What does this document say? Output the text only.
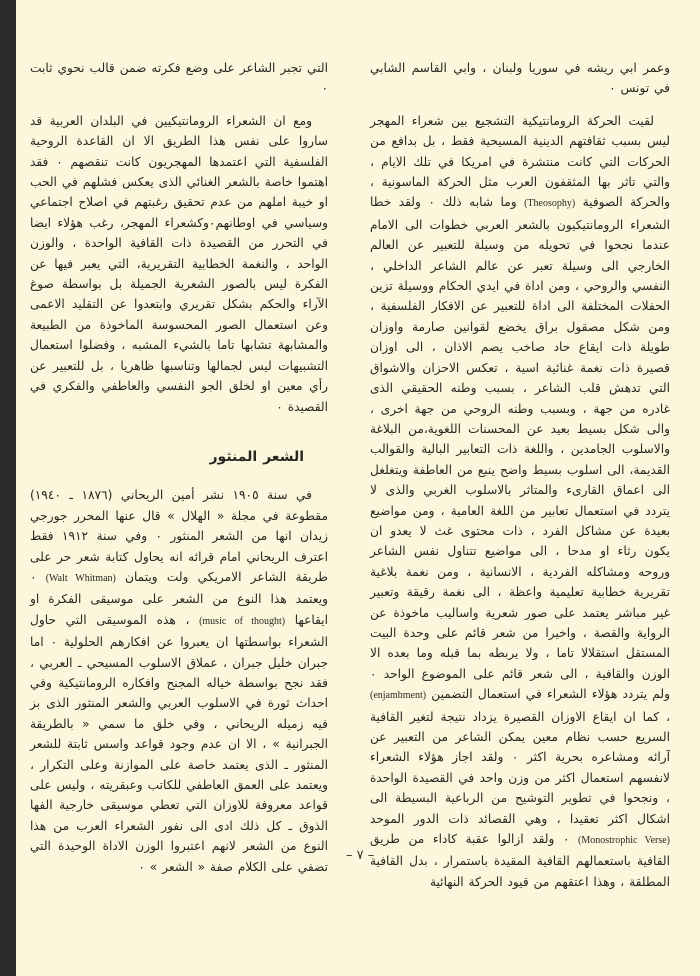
وعمر ابي ريشه في سوريا ولبنان ، وابي القاسم الشابي في تونس ٠

لقيت الحركة الرومانتيكية التشجيع بين شعراء المهجر ليس بسبب ثقافتهم الدينية المسيحية فقط ، بل بدافع من الحركات التي كانت منتشرة في امريكا في تلك الايام ، والتي تاثر بها المثقفون العرب مثل الحركة الماسونية ، والحركة الصوفية (Theosophy) وما شابه ذلك ٠ ولقد خطا الشعراء الرومانتيكيون بالشعر العربي خطوات الى الامام عندما نجحوا في تحويله من وسيلة للتعبير عن العالم الخارجي الى وسيلة تعبر عن عالم الشاعر الداخلي ، النفسي والروحي ، ومن اداة في ايدي الحكام ووسيلة تزين الحفلات المختلفة الى اداة للتعبير عن الافكار الفلسفية ، ومن شكل مصقول براق يخضع لقوانين صارمة واوزان طويلة ذات ايقاع حاد صاخب يصم الاذان ، الى اوزان قصيرة ذات نغمة غنائية اسية ، تعكس الاحزان والاشواق التي تدهش قلب الشاعر ، بسبب وطنه الحقيقي الذى غادره من جهة ، وبسبب وطنه الروحي من جهة اخرى ، والى شكل بسيط بعيد عن المحسنات اللغوية،من البلاغة والاسلوب الجامدين ، واللغة ذات التعابير البالية والقوالب القديمة، الى اسلوب بسيط واضح ينبع من العاطفة ويتغلغل الى اعماق القارىء والمتاثر بالاسلوب الغربي والذى لا يتردد في استعمال تعابير من اللغة العامية ، ومن مواضيع بعيدة عن مشاكل الفرد ، ذات محتوى غث لا يعدو ان يكون رثاء او مدحا ، الى مواضيع تتناول نفس الشاعر وروحه ومشاكله الفردية ، الانسانية ، ومن نغمة بلاغية تقريرية خطابية تعليمية واعظة ، الى نغمة رقيقة وتعبير غير مباشر يعتمد على صور شعرية واساليب ماخوذة عن الرواية والقصة ، واخيرا من شعر قائم على وحدة البيت المستقل استقلالا تاما ، ولا يربطه بما قبله وما بعده الا الوزن والقافية ، الى شعر قائم على الموضوع الواحد ٠ ولم يتردد هؤلاء الشعراء في استعمال التضمين (enjambment) ، كما ان ايقاع الاوزان القصيرة يزداد نتيجة لتغير القافية السريع حسب نظام معين يمكن الشاعر من التعبير عن آرائه ومشاعره بحرية اكثر ٠ ولقد اجاز هؤلاء الشعراء لانفسهم استعمال اكثر من وزن واحد في القصيدة الواحدة ، ونجحوا في تطوير التوشيح من الرباعية البسيطة الى اشكال اكثر تعقيدا ، وهي القصائد ذات الدور الموحد (Monostrophic Verse) ٠ ولقد ازالوا عقبة كاداء من طريق القافية باستعمالهم القافية المقيدة باستمرار ، بدل القافية المطلقة ، وهذا اعتقهم من قيود الحركة النهائية

التي تجبر الشاعر على وضع فكرته ضمن قالب نحوي ثابت ٠

ومع ان الشعراء الرومانتيكيين في البلدان العربية قد ساروا على نفس هذا الطريق الا ان القاعدة الروحية الفلسفية التي اعتمدها المهجريون كانت تنقصهم ٠ فقد اهتموا خاصة بالشعر الغنائي الذى يعكس فشلهم في الحب او خيبة املهم من عدم تحقيق رغبتهم في اصلاح اجتماعي وسياسي في اوطانهم٠وكشعراء المهجر، رغب هؤلاء ايضا في التحرر من القصيدة ذات القافية الواحدة ، والوزن الواحد ، والنغمة الخطابية التقريرية، التي يعبر فيها عن الفكرة ليس بالصور الشعرية الجميلة بل بواسطة صوغ الآراء والحكم بشكل تقريري وابتعدوا عن التقليد الاعمى وعن استعمال الصور المحسوسة الماخوذة من الطبيعة والمشابهة تشابها تاما بالشيء المشبه ، وفضلوا استعمال التشبيهات ليس لجمالها وتناسبها ظاهريا ، بل للتعبير عن رأي معين او لخلق الجو النفسي والعاطفي والفكري في القصيدة ٠

الشعر المنثور

في سنة ١٩٠٥ نشر أمين الريحاني (١٨٧٦ ـ ١٩٤٠) مقطوعة في مجلة « الهلال » قال عنها المحرر جورجي زيدان انها من الشعر المنثور ٠ وفي سنة ١٩١٢ فقط اعترف الريحاني امام قرائه انه يحاول كتابة شعر حر على طريقة الشاعر الامريكي ولت ويتمان (Walt Whitman) ٠ ويعتمد هذا النوع من الشعر على موسيقى الفكرة او ايقاعها (music of thought) ، هذه الموسيقى التي حاول الشعراء بواسطتها ان يعبروا عن افكارهم الحلولية ٠ اما جبران خليل جبران ، عملاق الاسلوب المسيحي ـ العربي ، فقد نجح بواسطة خياله المجنح وافكاره الرومانتيكية وفي احداث ثورة في الاسلوب العربي والشعر المنثور الذى بز فيه زميله الريحاني ، وفي خلق ما سمي « بالطريقة الجبرانية » ، الا ان عدم وجود قواعد واسس ثابتة للشعر المنثور ـ الذى يعتمد خاصة على الموازنة وعلى التكرار ، ويعتمد على العمق العاطفي للكاتب وعبقريته ، وليس على قواعد معروفة للاوزان التي تعطي موسيقى خارجية الفها الذوق ـ كل ذلك ادى الى نفور الشعراء العرب من هذا النوع من الشعر لانهم اعتبروا الوزن الاداة الوحيدة التي تضفي على الكلام صفة « الشعر » ٠

– ٧ –
